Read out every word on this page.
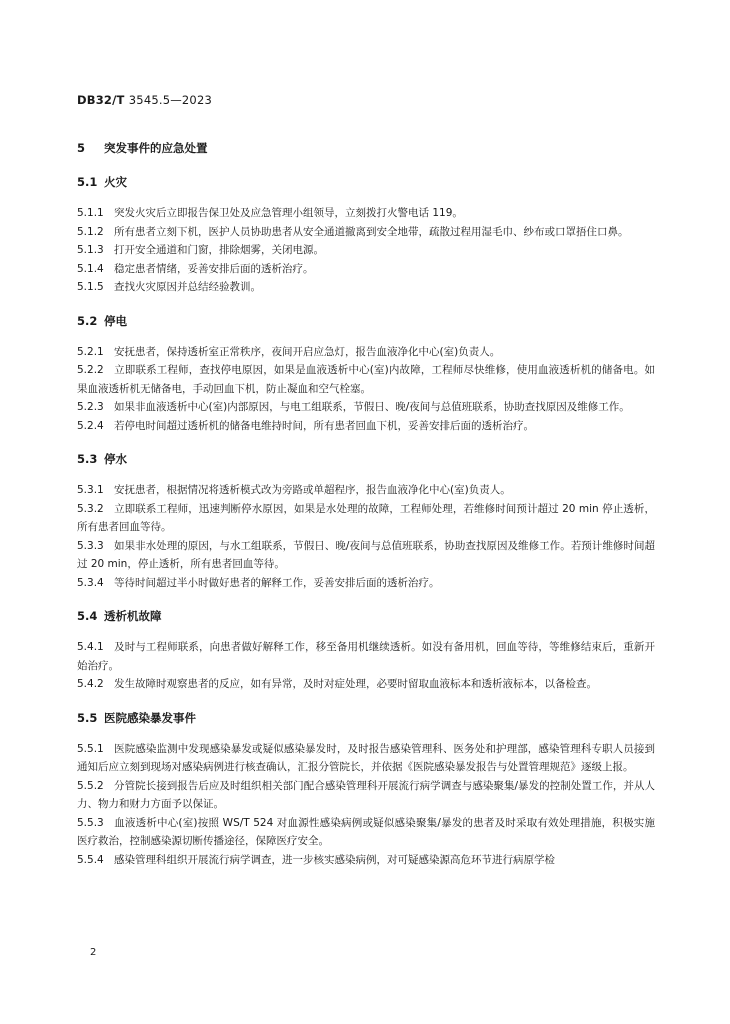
DB32/T 3545.5—2023
5 突发事件的应急处置
5.1 火灾

5.1.1 突发火灾后立即报告保卫处及应急管理小组领导，立刻拨打火警电话 119。

5.1.2 所有患者立刻下机，医护人员协助患者从安全通道撤离到安全地带，疏散过程用湿毛巾、纱布或口罩捂住口鼻。

5.1.3 打开安全通道和门窗，排除烟雾，关闭电源。

5.1.4 稳定患者情绪，妥善安排后面的透析治疗。

5.1.5 查找火灾原因并总结经验教训。

5.2 停电

5.2.1 安抚患者，保持透析室正常秩序，夜间开启应急灯，报告血液净化中心(室)负责人。

5.2.2 立即联系工程师，查找停电原因，如果是血液透析中心(室)内故障，工程师尽快维修，使用血液透析机的储备电。如果血液透析机无储备电，手动回血下机，防止凝血和空气栓塞。

5.2.3 如果非血液透析中心(室)内部原因，与电工组联系，节假日、晚/夜间与总值班联系，协助查找原因及维修工作。

5.2.4 若停电时间超过透析机的储备电维持时间，所有患者回血下机，妥善安排后面的透析治疗。

5.3 停水

5.3.1 安抚患者，根据情况将透析模式改为旁路或单超程序，报告血液净化中心(室)负责人。

5.3.2 立即联系工程师，迅速判断停水原因，如果是水处理的故障，工程师处理，若维修时间预计超过 20 min 停止透析，所有患者回血等待。

5.3.3 如果非水处理的原因，与水工组联系，节假日、晚/夜间与总值班联系，协助查找原因及维修工作。若预计维修时间超过 20 min，停止透析，所有患者回血等待。

5.3.4 等待时间超过半小时做好患者的解释工作，妥善安排后面的透析治疗。

5.4 透析机故障

5.4.1 及时与工程师联系，向患者做好解释工作，移至备用机继续透析。如没有备用机，回血等待，等维修结束后，重新开始治疗。

5.4.2 发生故障时观察患者的反应，如有异常，及时对症处理，必要时留取血液标本和透析液标本，以备检查。

5.5 医院感染暴发事件

5.5.1 医院感染监测中发现感染暴发或疑似感染暴发时，及时报告感染管理科、医务处和护理部，感染管理科专职人员接到通知后应立刻到现场对感染病例进行核查确认，汇报分管院长，并依据《医院感染暴发报告与处置管理规范》逐级上报。

5.5.2 分管院长接到报告后应及时组织相关部门配合感染管理科开展流行病学调查与感染聚集/暴发的控制处置工作，并从人力、物力和财力方面予以保证。

5.5.3 血液透析中心(室)按照 WS/T 524 对血源性感染病例或疑似感染聚集/暴发的患者及时采取有效处理措施，积极实施医疗救治，控制感染源切断传播途径，保障医疗安全。

5.5.4 感染管理科组织开展流行病学调查，进一步核实感染病例，对可疑感染源高危环节进行病原学检

2
